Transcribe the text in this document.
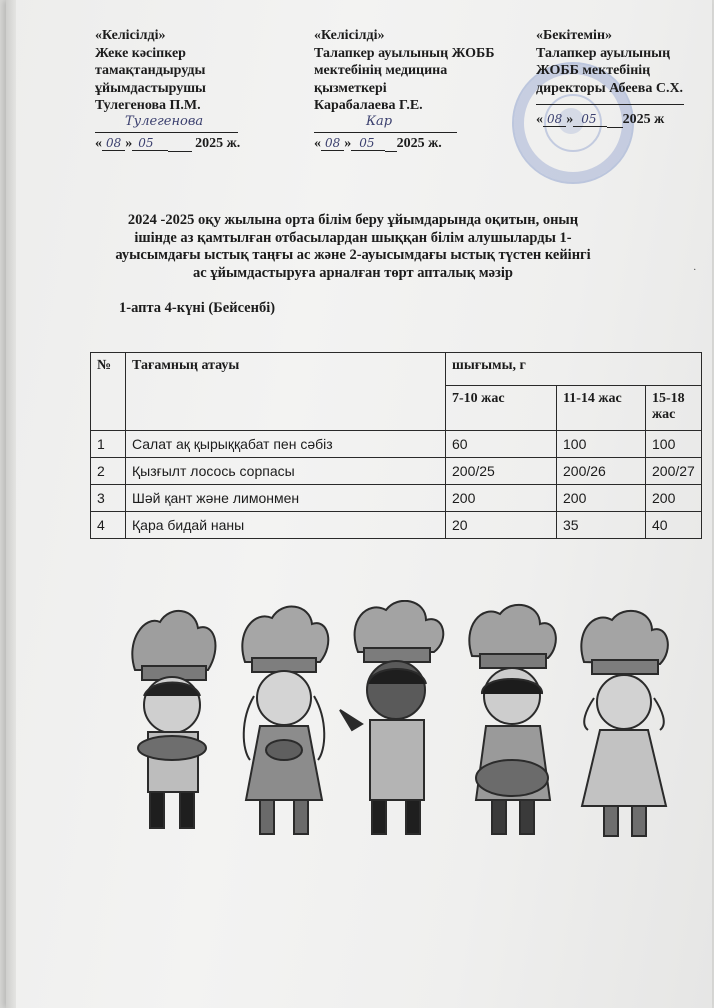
«Келісілді»
Жеке кәсіпкер
тамақтандыруды
ұйымдастырушы
Тулегенова П.М.
Тулегенова
« 08 » 05	2025 ж.
«Келісілді»
Талапкер ауылының ЖОББ
мектебінің медицина
қызметкері
Карабалаева Г.Е.
Кар
« 08 » 05 2025 ж.
«Бекітемін»
Талапкер ауылының
ЖОББ мектебінің
директоры Абеева С.Х.
« 08 » 05 2025 ж
2024 -2025 оқу жылына орта білім беру ұйымдарында оқитын, оның ішінде аз қамтылған отбасылардан шыққан білім алушыларды 1-ауысымдағы ыстық таңғы ас және 2-ауысымдағы ыстық түстен кейінгі ас ұйымдастыруға арналған төрт апталық мәзір
1-апта 4-күні (Бейсенбі)
№	Тағамның атауы	шығымы, г		
		7-10 жас	11-14 жас	15-18 жас
1	Салат ақ қырыққабат пен сәбіз	60	100	100
2	Қызғылт лосось сорпасы	200/25	200/26	200/27
3	Шәй қант және лимонмен	200	200	200
4	Қара бидай наны	20	35	40
.
